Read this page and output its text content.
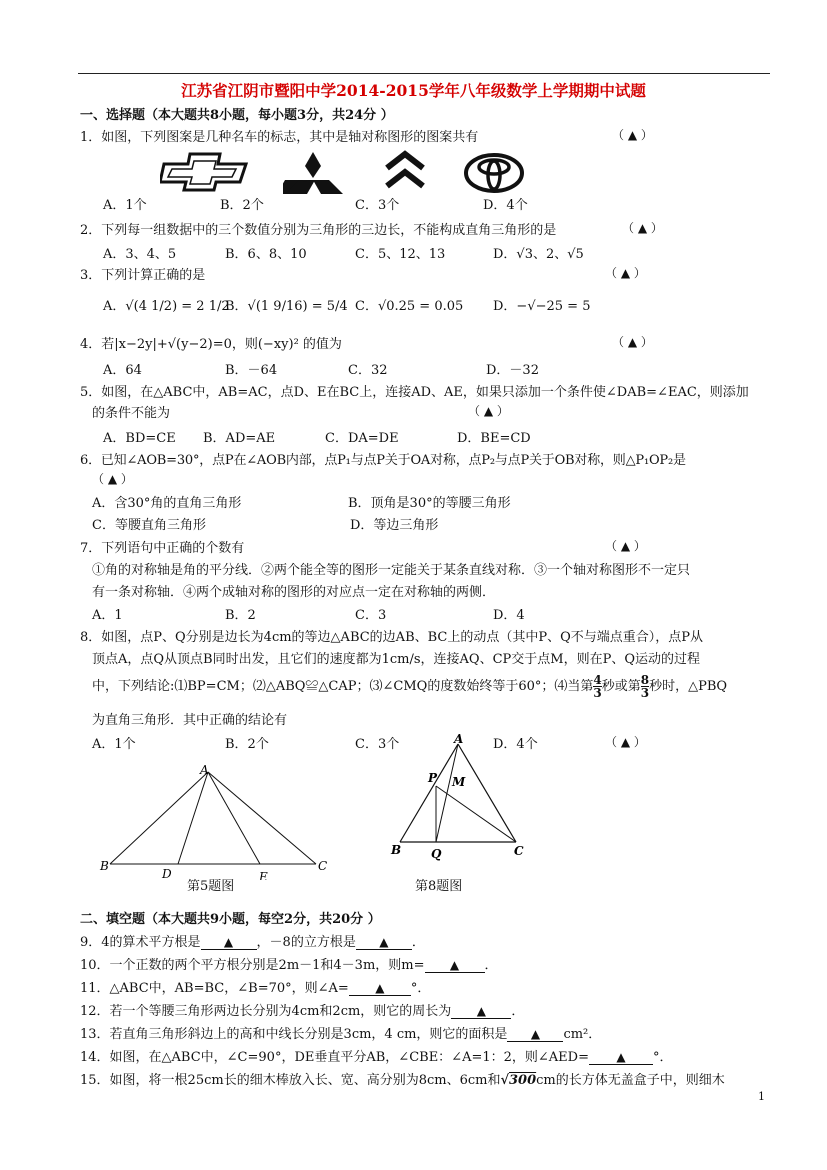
江苏省江阴市暨阳中学2014-2015学年八年级数学上学期期中试题
一、选择题（本大题共8小题，每小题3分，共24分 ）
1．如图，下列图案是几种名车的标志，其中是轴对称图形的图案共有	（ ▲ ）
A．1个	B．2个	C．3个	D．4个
2．下列每一组数据中的三个数值分别为三角形的三边长，不能构成直角三角形的是	（ ▲ ）
A．3、4、5	B．6、8、10	C．5、12、13	D．√3、2、√5
3．下列计算正确的是	（ ▲ ）
A．√(4 1/2) = 2 1/2
B．√(1 9/16) = 5/4 C．√0.25 = 0.05 D．−√−25 = 5
4．若|x−2y|+√(y−2)=0，则(−xy)² 的值为	（ ▲ ）
A．64	B．－64	C．32	D．－32
5．如图，在△ABC中，AB=AC，点D、E在BC上，连接AD、AE，如果只添加一个条件使∠DAB=∠EAC，则添加
的条件不能为	（ ▲ ）
A．BD=CE B．AD=AE	C．DA=DE	D．BE=CD
6．已知∠AOB=30°，点P在∠AOB内部，点P₁与点P关于OA对称，点P₂与点P关于OB对称，则△P₁OP₂是
（ ▲ ）
A．含30°角的直角三角形	B．顶角是30°的等腰三角形
C．等腰直角三角形	D．等边三角形
7．下列语句中正确的个数有	（ ▲ ）
①角的对称轴是角的平分线．②两个能全等的图形一定能关于某条直线对称．③一个轴对称图形不一定只
有一条对称轴．④两个成轴对称的图形的对应点一定在对称轴的两侧．
A．1	B．2	C．3	D．4
8．如图，点P、Q分别是边长为4cm的等边△ABC的边AB、BC上的动点（其中P、Q不与端点重合），点P从
顶点A，点Q从顶点B同时出发，且它们的速度都为1cm/s，连接AQ、CP交于点M，则在P、Q运动的过程
中，下列结论:⑴BP=CM；⑵△ABQ≌△CAP；⑶∠CMQ的度数始终等于60°；⑷当第 $\frac{4}{3}$ 秒或第 $\frac{8}{3}$ 秒时，△PBQ
为直角三角形．其中正确的结论有
A．1个	B．2个	C．3个	D．4个	（ ▲ ）
A
B	C
D	E
第5题图
A
B	C
P M
Q
第8题图
二、填空题（本大题共9小题，每空2分，共20分 ）
9．4的算术平方根是 ▲ ，－8的立方根是 ▲ ．
10．一个正数的两个平方根分别是2m－1和4－3m，则m= ▲ ．
11．△ABC中，AB=BC，∠B=70°，则∠A= ▲ °．
12．若一个等腰三角形两边长分别为4cm和2cm，则它的周长为 ▲ ．
13．若直角三角形斜边上的高和中线长分别是3cm，4 cm，则它的面积是 ▲ cm²．
14．如图，在△ABC中，∠C=90°，DE垂直平分AB，∠CBE：∠A=1：2，则∠AED= ▲ °．
15．如图，将一根25cm长的细木棒放入长、宽、高分别为8cm、6cm和√300cm的长方体无盖盒子中，则细木
1
